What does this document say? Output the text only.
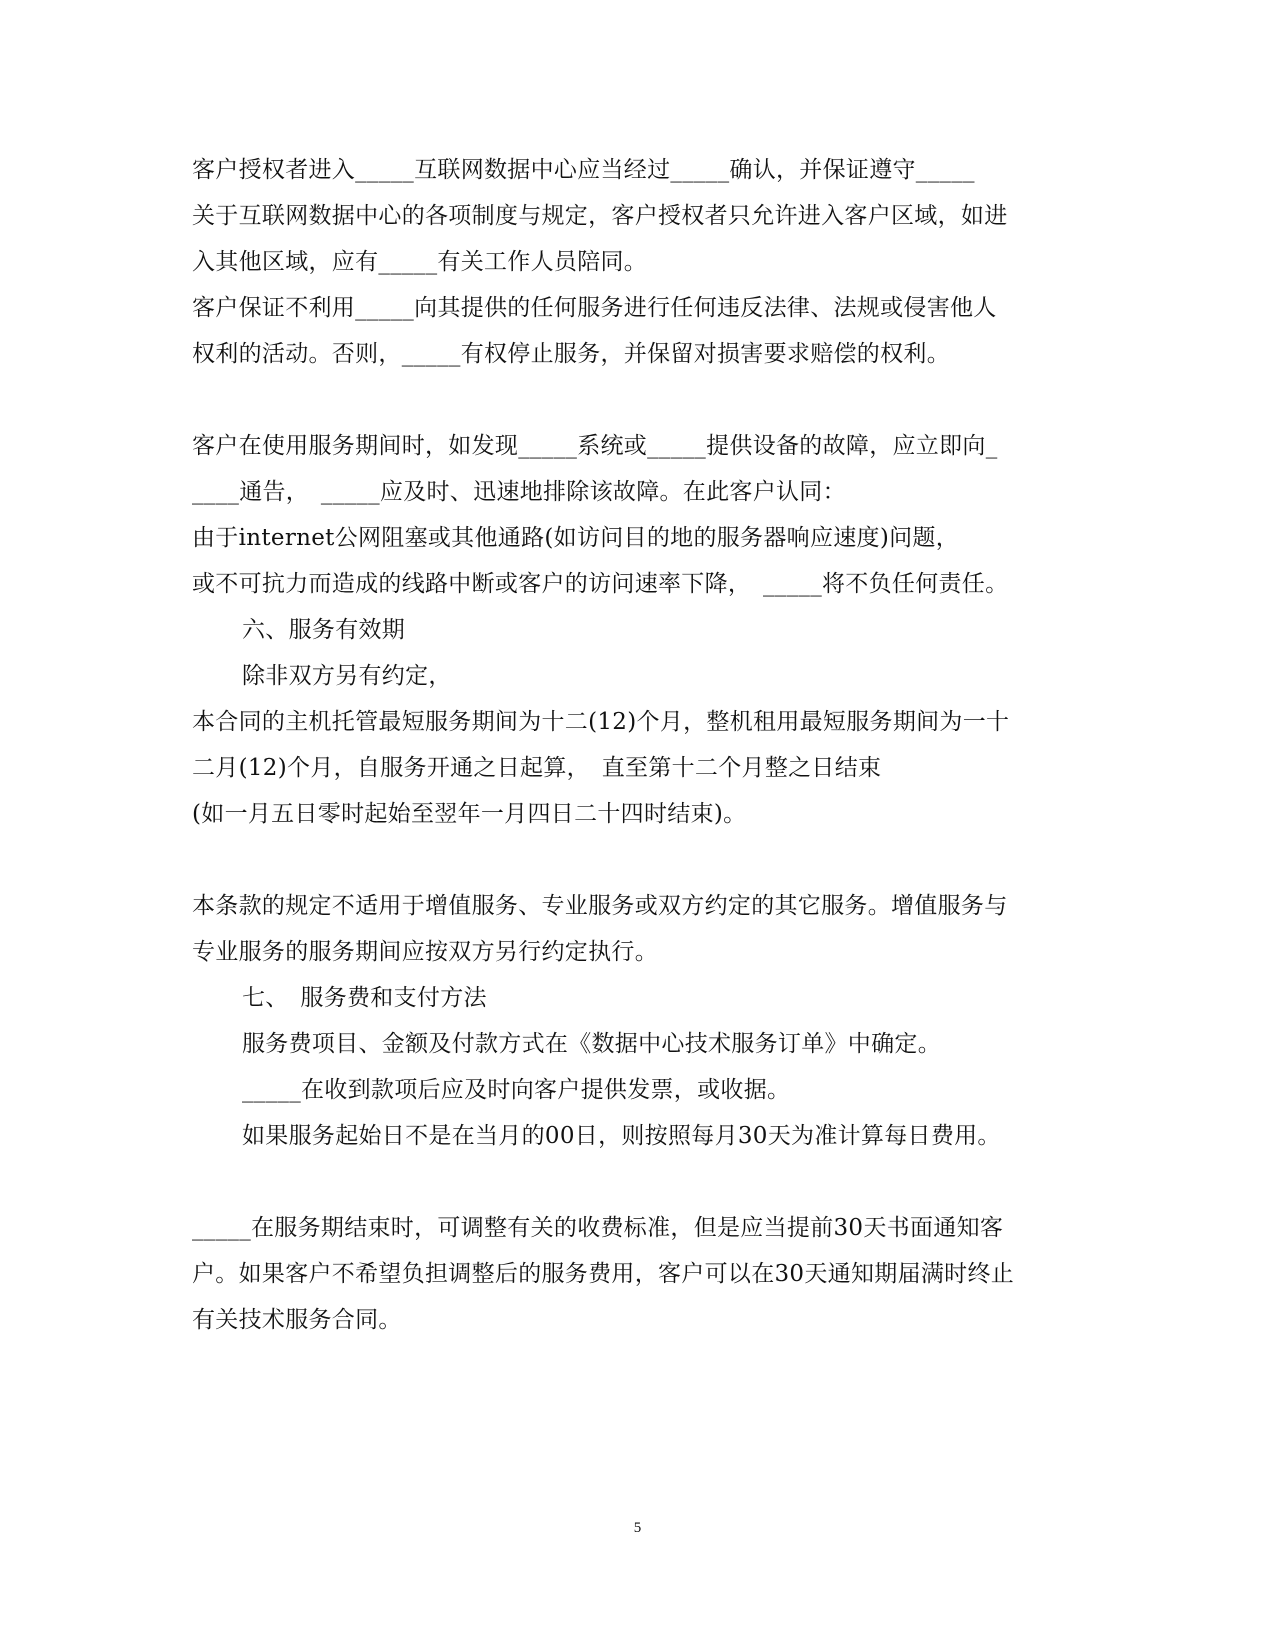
客户授权者进入_____互联网数据中心应当经过_____确认，并保证遵守_____
关于互联网数据中心的各项制度与规定，客户授权者只允许进入客户区域，如进
入其他区域，应有_____有关工作人员陪同。
客户保证不利用_____向其提供的任何服务进行任何违反法律、法规或侵害他人
权利的活动。否则，_____有权停止服务，并保留对损害要求赔偿的权利。
客户在使用服务期间时，如发现_____系统或_____提供设备的故障，应立即向_
____通告，　_____应及时、迅速地排除该故障。在此客户认同：
由于internet公网阻塞或其他通路(如访问目的地的服务器响应速度)问题，
或不可抗力而造成的线路中断或客户的访问速率下降，　_____将不负任何责任。
六、服务有效期
除非双方另有约定，
本合同的主机托管最短服务期间为十二(12)个月，整机租用最短服务期间为一十
二月(12)个月，自服务开通之日起算，　直至第十二个月整之日结束
(如一月五日零时起始至翌年一月四日二十四时结束)。
本条款的规定不适用于增值服务、专业服务或双方约定的其它服务。增值服务与
专业服务的服务期间应按双方另行约定执行。
七、　服务费和支付方法
服务费项目、金额及付款方式在《数据中心技术服务订单》中确定。
_____在收到款项后应及时向客户提供发票，或收据。
如果服务起始日不是在当月的00日，则按照每月30天为准计算每日费用。
_____在服务期结束时，可调整有关的收费标准，但是应当提前30天书面通知客
户。如果客户不希望负担调整后的服务费用，客户可以在30天通知期届满时终止
有关技术服务合同。
5
